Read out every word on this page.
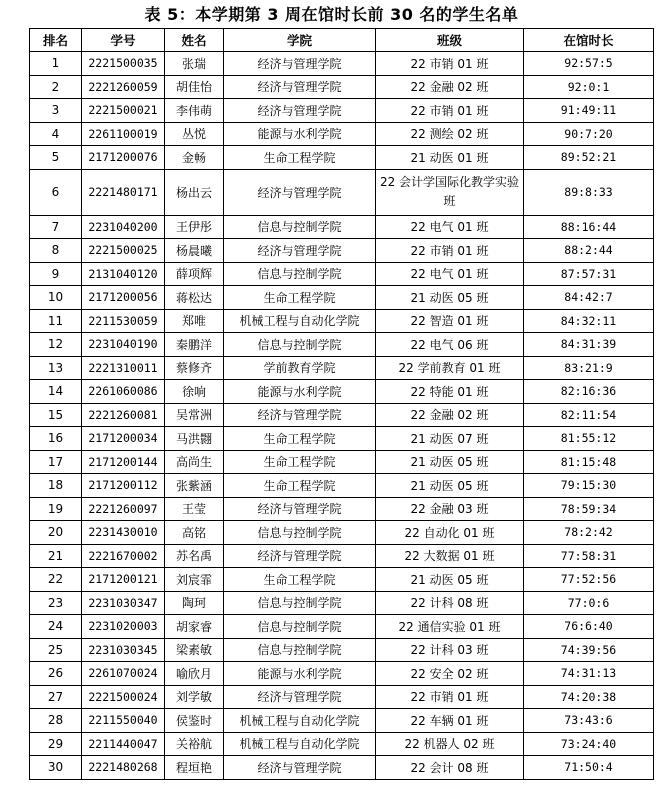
表 5：本学期第 3 周在馆时长前 30 名的学生名单
排名	学号	姓名	学院	班级	在馆时长
1	2221500035	张瑞	经济与管理学院	22 市销 01 班	92:57:5
2	2221260059	胡佳怡	经济与管理学院	22 金融 02 班	92:0:1
3	2221500021	李伟萌	经济与管理学院	22 市销 01 班	91:49:11
4	2261100019	丛悦	能源与水利学院	22 测绘 02 班	90:7:20
5	2171200076	金畅	生命工程学院	21 动医 01 班	89:52:21
6	2221480171	杨出云	经济与管理学院	22 会计学国际化教学实验班	89:8:33
7	2231040200	王伊彤	信息与控制学院	22 电气 01 班	88:16:44
8	2221500025	杨晨曦	经济与管理学院	22 市销 01 班	88:2:44
9	2131040120	薛项辉	信息与控制学院	22 电气 01 班	87:57:31
10	2171200056	蒋松达	生命工程学院	21 动医 05 班	84:42:7
11	2211530059	郑唯	机械工程与自动化学院	22 智造 01 班	84:32:11
12	2231040190	秦鹏洋	信息与控制学院	22 电气 06 班	84:31:39
13	2221310011	蔡修齐	学前教育学院	22 学前教育 01 班	83:21:9
14	2261060086	徐响	能源与水利学院	22 特能 01 班	82:16:36
15	2221260081	吴常洲	经济与管理学院	22 金融 02 班	82:11:54
16	2171200034	马洪翾	生命工程学院	21 动医 07 班	81:55:12
17	2171200144	高尚生	生命工程学院	21 动医 05 班	81:15:48
18	2171200112	张紫涵	生命工程学院	21 动医 05 班	79:15:30
19	2221260097	王莹	经济与管理学院	22 金融 03 班	78:59:34
20	2231430010	高铭	信息与控制学院	22 自动化 01 班	78:2:42
21	2221670002	苏名禹	经济与管理学院	22 大数据 01 班	77:58:31
22	2171200121	刘宸霏	生命工程学院	21 动医 05 班	77:52:56
23	2231030347	陶珂	信息与控制学院	22 计科 08 班	77:0:6
24	2231020003	胡家睿	信息与控制学院	22 通信实验 01 班	76:6:40
25	2231030345	梁素敏	信息与控制学院	22 计科 03 班	74:39:56
26	2261070024	喻欣月	能源与水利学院	22 安全 02 班	74:31:13
27	2221500024	刘学敏	经济与管理学院	22 市销 01 班	74:20:38
28	2211550040	侯鉴时	机械工程与自动化学院	22 车辆 01 班	73:43:6
29	2211440047	关裕航	机械工程与自动化学院	22 机器人 02 班	73:24:40
30	2221480268	程垣艳	经济与管理学院	22 会计 08 班	71:50:4
